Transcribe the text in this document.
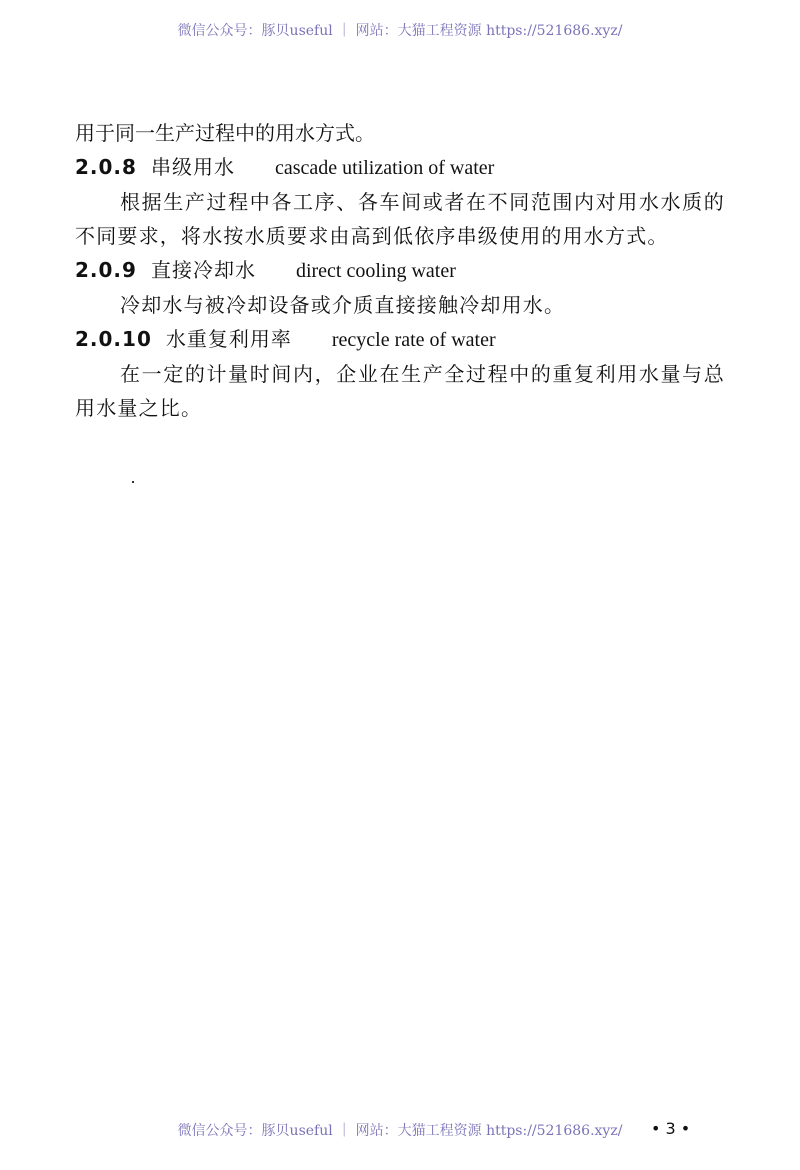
微信公众号：豚贝useful ｜ 网站：大猫工程资源 https://521686.xyz/
用于同一生产过程中的用水方式。
2.0.8 串级用水 cascade utilization of water

根据生产过程中各工序、各车间或者在不同范围内对用水水质的不同要求，将水按水质要求由高到低依序串级使用的用水方式。

2.0.9 直接冷却水 direct cooling water

冷却水与被冷却设备或介质直接接触冷却用水。

2.0.10 水重复利用率 recycle rate of water

在一定的计量时间内，企业在生产全过程中的重复利用水量与总用水量之比。

微信公众号：豚贝useful ｜ 网站：大猫工程资源 https://521686.xyz/	• 3 •
